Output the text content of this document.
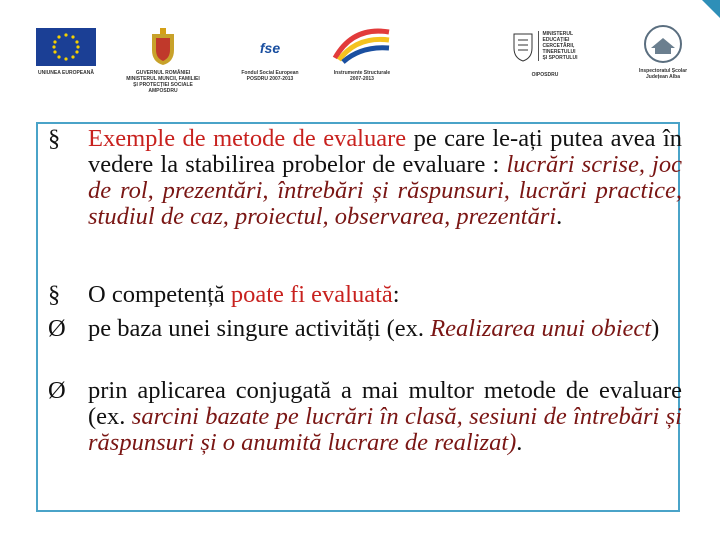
UNIUNEA EUROPEANĂ	GUVERNUL ROMÂNIEI
MINISTERUL MUNCII, FAMILIEI
ȘI PROTECȚIEI SOCIALE
AMPOSDRU
fse
Fondul Social European
POSDRU 2007-2013
Instrumente Structurale
2007-2013
MINISTERUL
EDUCAȚIEI
CERCETĂRII,
TINERETULUI
ȘI SPORTULUI
OIPOSDRU
Inspectoratul Școlar
Județean Alba
§	Exemple de metode de evaluare pe care le-ați putea avea în vedere la stabilirea probelor de evaluare : lucrări scrise, joc de rol, prezentări, întrebări și răspunsuri, lucrări practice, studiul de caz, proiectul, observarea, prezentări.
§	O competență poate fi evaluată:
Ø pe baza unei singure activități (ex. Realizarea unui obiect)
Ø prin aplicarea conjugată a mai multor metode de evaluare (ex. sarcini bazate pe lucrări în clasă, sesiuni de întrebări și răspunsuri și o anumită lucrare de realizat).
